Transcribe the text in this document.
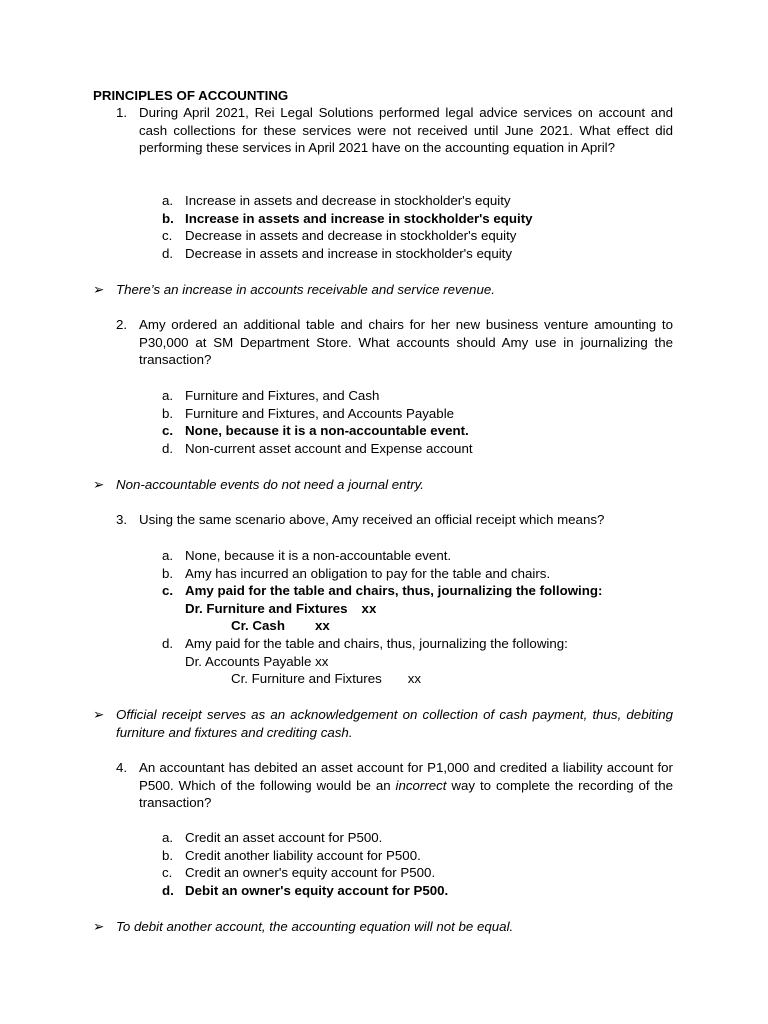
PRINCIPLES OF ACCOUNTING
1. During April 2021, Rei Legal Solutions performed legal advice services on account and cash collections for these services were not received until June 2021. What effect did performing these services in April 2021 have on the accounting equation in April?
a. Increase in assets and decrease in stockholder's equity
b. Increase in assets and increase in stockholder's equity
c. Decrease in assets and decrease in stockholder's equity
d. Decrease in assets and increase in stockholder's equity
➢ There’s an increase in accounts receivable and service revenue.
2. Amy ordered an additional table and chairs for her new business venture amounting to P30,000 at SM Department Store. What accounts should Amy use in journalizing the transaction?
a. Furniture and Fixtures, and Cash
b. Furniture and Fixtures, and Accounts Payable
c. None, because it is a non-accountable event.
d. Non-current asset account and Expense account
➢ Non-accountable events do not need a journal entry.
3. Using the same scenario above, Amy received an official receipt which means?
a. None, because it is a non-accountable event.
b. Amy has incurred an obligation to pay for the table and chairs.
c. Amy paid for the table and chairs, thus, journalizing the following:
Dr. Furniture and Fixtures xx
Cr. Cash xx
d. Amy paid for the table and chairs, thus, journalizing the following:
Dr. Accounts Payable xx
Cr. Furniture and Fixtures xx
➢ Official receipt serves as an acknowledgement on collection of cash payment, thus, debiting furniture and fixtures and crediting cash.
4. An accountant has debited an asset account for P1,000 and credited a liability account for P500. Which of the following would be an incorrect way to complete the recording of the transaction?
a. Credit an asset account for P500.
b. Credit another liability account for P500.
c. Credit an owner's equity account for P500.
d. Debit an owner's equity account for P500.
➢ To debit another account, the accounting equation will not be equal.
